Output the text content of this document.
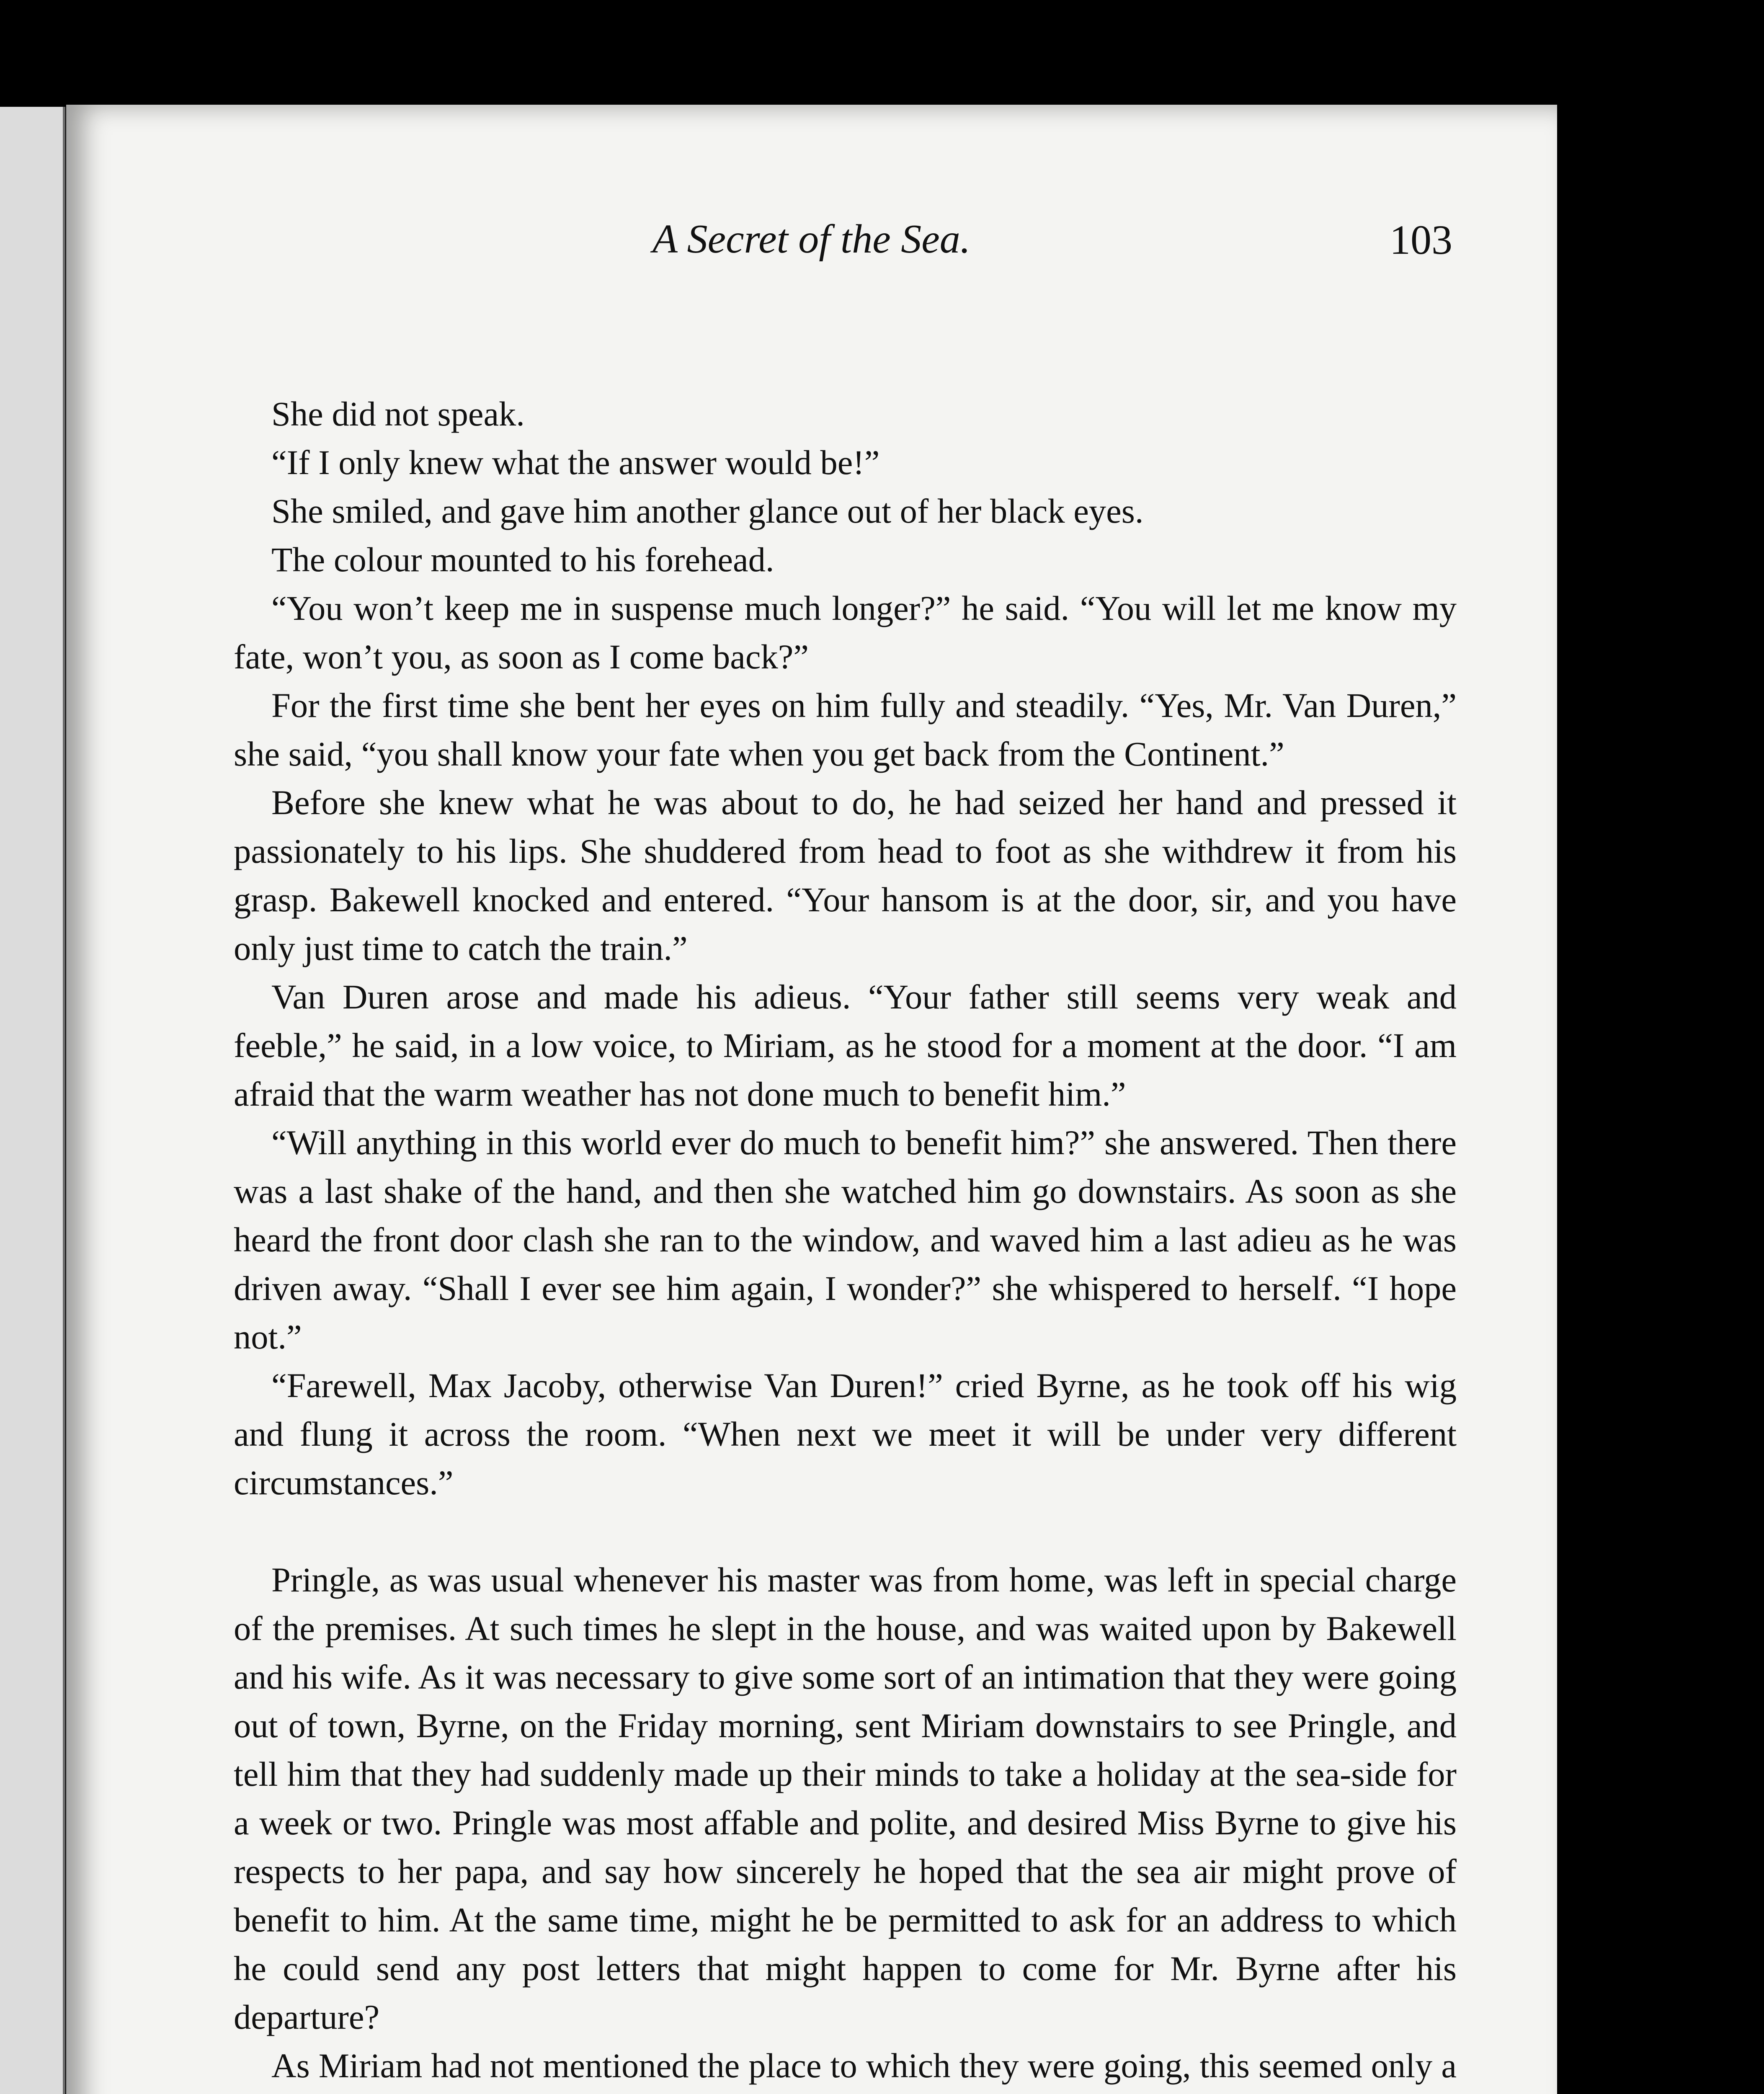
A Secret of the Sea.	103

She did not speak.

“If I only knew what the answer would be!”

She smiled, and gave him another glance out of her black eyes.

The colour mounted to his forehead.

“You won’t keep me in suspense much longer?” he said. “You will let me know my fate, won’t you, as soon as I come back?”

For the first time she bent her eyes on him fully and steadily. “Yes, Mr. Van Duren,” she said, “you shall know your fate when you get back from the Continent.”

Before she knew what he was about to do, he had seized her hand and pressed it passionately to his lips. She shuddered from head to foot as she withdrew it from his grasp. Bakewell knocked and entered. “Your hansom is at the door, sir, and you have only just time to catch the train.”

Van Duren arose and made his adieus. “Your father still seems very weak and feeble,” he said, in a low voice, to Miriam, as he stood for a moment at the door. “I am afraid that the warm weather has not done much to benefit him.”

“Will anything in this world ever do much to benefit him?” she answered. Then there was a last shake of the hand, and then she watched him go downstairs. As soon as she heard the front door clash she ran to the window, and waved him a last adieu as he was driven away. “Shall I ever see him again, I wonder?” she whispered to herself. “I hope not.”

“Farewell, Max Jacoby, otherwise Van Duren!” cried Byrne, as he took off his wig and flung it across the room. “When next we meet it will be under very different circumstances.”

Pringle, as was usual whenever his master was from home, was left in special charge of the premises. At such times he slept in the house, and was waited upon by Bakewell and his wife. As it was necessary to give some sort of an intimation that they were going out of town, Byrne, on the Friday morning, sent Miriam downstairs to see Pringle, and tell him that they had suddenly made up their minds to take a holiday at the sea-side for a week or two. Pringle was most affable and polite, and desired Miss Byrne to give his respects to her papa, and say how sincerely he hoped that the sea air might prove of benefit to him. At the same time, might he be permitted to ask for an address to which he could send any post letters that might happen to come for Mr. Byrne after his departure?

As Miriam had not mentioned the place to which they were going, this seemed only a
